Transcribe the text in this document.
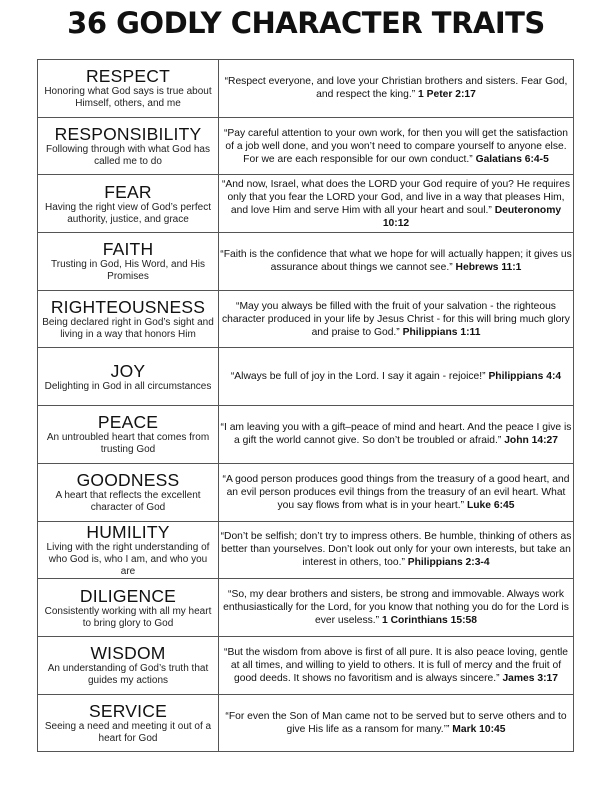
36 GODLY CHARACTER TRAITS
RESPECT
Honoring what God says is true about Himself, others, and me	“Respect everyone, and love your Christian brothers and sisters. Fear God, and respect the king.” 1 Peter 2:17

RESPONSIBILITY
Following through with what God has called me to do	“Pay careful attention to your own work, for then you will get the satisfaction of a job well done, and you won’t need to compare yourself to anyone else. For we are each responsible for our own conduct.” Galatians 6:4-5

FEAR
Having the right view of God’s perfect authority, justice, and grace	“And now, Israel, what does the LORD your God require of you? He requires only that you fear the LORD your God, and live in a way that pleases Him, and love Him and serve Him with all your heart and soul.” Deuteronomy 10:12

FAITH
Trusting in God, His Word, and His Promises	“Faith is the confidence that what we hope for will actually happen; it gives us assurance about things we cannot see.” Hebrews 11:1

RIGHTEOUSNESS
Being declared right in God’s sight and living in a way that honors Him	“May you always be filled with the fruit of your salvation - the righteous character produced in your life by Jesus Christ - for this will bring much glory and praise to God.” Philippians 1:11

JOY
Delighting in God in all circumstances	“Always be full of joy in the Lord. I say it again - rejoice!” Philippians 4:4

PEACE
An untroubled heart that comes from trusting God	“I am leaving you with a gift–peace of mind and heart. And the peace I give is a gift the world cannot give. So don’t be troubled or afraid.” John 14:27

GOODNESS
A heart that reflects the excellent character of God	“A good person produces good things from the treasury of a good heart, and an evil person produces evil things from the treasury of an evil heart. What you say flows from what is in your heart.” Luke 6:45

HUMILITY
Living with the right understanding of who God is, who I am, and who you are	“Don’t be selfish; don’t try to impress others. Be humble, thinking of others as better than yourselves. Don’t look out only for your own interests, but take an interest in others, too.” Philippians 2:3-4

DILIGENCE
Consistently working with all my heart to bring glory to God	“So, my dear brothers and sisters, be strong and immovable. Always work enthusiastically for the Lord, for you know that nothing you do for the Lord is ever useless.” 1 Corinthians 15:58

WISDOM
An understanding of God’s truth that guides my actions	“But the wisdom from above is first of all pure. It is also peace loving, gentle at all times, and willing to yield to others. It is full of mercy and the fruit of good deeds. It shows no favoritism and is always sincere.” James 3:17

SERVICE
Seeing a need and meeting it out of a heart for God	“For even the Son of Man came not to be served but to serve others and to give His life as a ransom for many.’” Mark 10:45
